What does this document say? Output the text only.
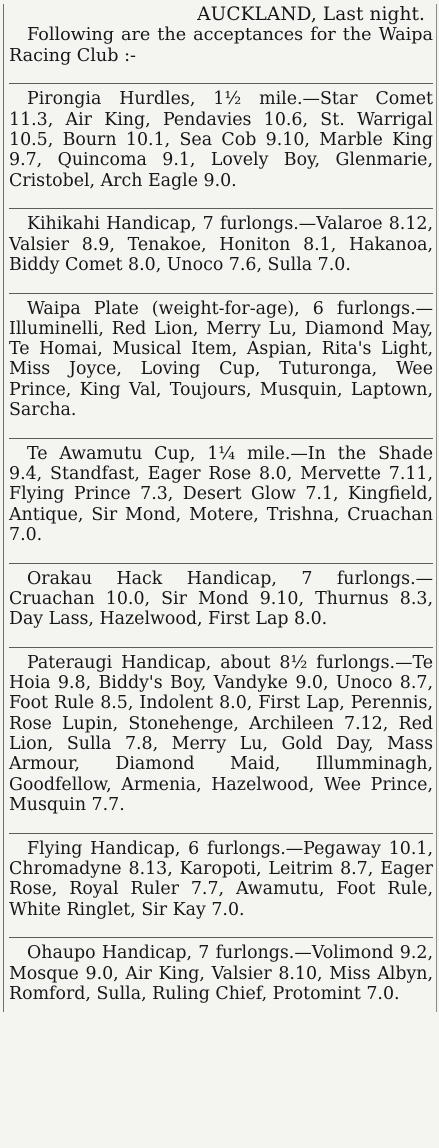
AUCKLAND, Last night.

Following are the acceptances for the Waipa Racing Club :-

Pirongia Hurdles, 1½ mile.—Star Comet 11.3, Air King, Pendavies 10.6, St. Warrigal 10.5, Bourn 10.1, Sea Cob 9.10, Marble King 9.7, Quincoma 9.1, Lovely Boy, Glenmarie, Cristobel, Arch Eagle 9.0.

Kihikahi Handicap, 7 furlongs.—Valaroe 8.12, Valsier 8.9, Tenakoe, Honiton 8.1, Hakanoa, Biddy Comet 8.0, Unoco 7.6, Sulla 7.0.

Waipa Plate (weight-for-age), 6 furlongs.—Illuminelli, Red Lion, Merry Lu, Diamond May, Te Homai, Musical Item, Aspian, Rita's Light, Miss Joyce, Loving Cup, Tuturonga, Wee Prince, King Val, Toujours, Musquin, Laptown, Sarcha.

Te Awamutu Cup, 1¼ mile.—In the Shade 9.4, Standfast, Eager Rose 8.0, Mervette 7.11, Flying Prince 7.3, Desert Glow 7.1, Kingfield, Antique, Sir Mond, Motere, Trishna, Cruachan 7.0.

Orakau Hack Handicap, 7 furlongs.—Cruachan 10.0, Sir Mond 9.10, Thurnus 8.3, Day Lass, Hazelwood, First Lap 8.0.

Pateraugi Handicap, about 8½ furlongs.—Te Hoia 9.8, Biddy's Boy, Vandyke 9.0, Unoco 8.7, Foot Rule 8.5, Indolent 8.0, First Lap, Perennis, Rose Lupin, Stonehenge, Archileen 7.12, Red Lion, Sulla 7.8, Merry Lu, Gold Day, Mass Armour, Diamond Maid, Illumminagh, Goodfellow, Armenia, Hazelwood, Wee Prince, Musquin 7.7.

Flying Handicap, 6 furlongs.—Pegaway 10.1, Chromadyne 8.13, Karopoti, Leitrim 8.7, Eager Rose, Royal Ruler 7.7, Awamutu, Foot Rule, White Ringlet, Sir Kay 7.0.

Ohaupo Handicap, 7 furlongs.—Volimond 9.2, Mosque 9.0, Air King, Valsier 8.10, Miss Albyn, Romford, Sulla, Ruling Chief, Protomint 7.0.
